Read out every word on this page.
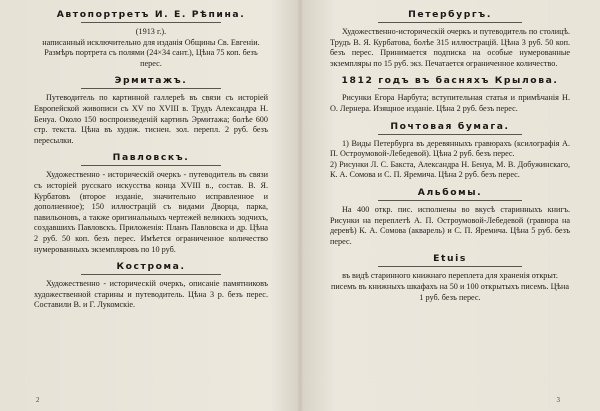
Автопортретъ И. Е. Рѣпина.

(1913 г.).
написанный исключительно для изданія Общины Св. Евгеніи. Размѣръ портрета съ полями (24×34 сант.), Цѣна 75 коп. безъ перес.

Эрмитажъ.

Путеводитель по картинной галлереѣ въ связи съ исторіей Европейской живописи съ XV по XVIII в. Трудъ Александра Н. Бенуа. Около 150 воспроизведеній картинъ Эрмитажа; болѣе 600 стр. текста. Цѣна въ худож. тиснен. зол. перепл. 2 руб. безъ пересылки.

Павловскъ.

Художественно - историческій очеркъ - путеводитель въ связи съ исторіей русскаго искусства конца XVIII в., состав. В. Я. Курбатовъ (второе изданіе, значительно исправленное и дополненное); 150 иллюстрацій съ видами Дворца, парка, павильоновъ, а также оригинальныхъ чертежей великихъ зодчихъ, создавшихъ Павловскъ. Приложенія: Планъ Павловска и др. Цѣна 2 руб. 50 коп. безъ перес. Имѣется ограниченное количество нумерованныхъ экземпляровъ по 10 руб.

Кострома.

Художественно - историческій очеркъ, описаніе памятниковъ художественной старины и путеводитель. Цѣна 3 р. безъ перес. Составили В. и Г. Лукомскіе.

2

Петербургъ.

Художественно-историческій очеркъ и путеводитель по столицѣ. Трудъ В. Я. Курбатова, болѣе 315 иллюстрацій. Цѣна 3 руб. 50 коп. безъ перес. Принимается подписка на особые нумерованные экземпляры по 15 руб. экз. Печатается ограниченное количество.

1812 годъ въ басняхъ Крылова.

Рисунки Егора Нарбута; вступительная статья и примѣчанія Н. О. Лернера. Изящное изданіе. Цѣна 2 руб. безъ перес.

Почтовая бумага.

1) Виды Петербурга въ деревянныхъ гравюрахъ (ксилографія А. П. Остроумовой-Лебедевой). Цѣна 2 руб. безъ перес.
2) Рисунки Л. С. Бакста, Александра Н. Бенуа, М. В. Добужинскаго, К. А. Сомова и С. П. Яремича. Цѣна 2 руб. безъ перес.

Альбомы.

На 400 откр. пис. исполнены во вкусѣ старинныхъ книгъ. Рисунки на переплетѣ А. П. Остроумовой-Лебедевой (гравюра на деревѣ) К. А. Сомова (акварель) и С. П. Яремича. Цѣна 5 руб. безъ перес.

Etuis

въ видѣ старинного книжнаго переплета для храненія открыт. писемъ въ книжныхъ шкафахъ на 50 и 100 открытыхъ писемъ. Цѣна 1 руб. безъ перес.

3
